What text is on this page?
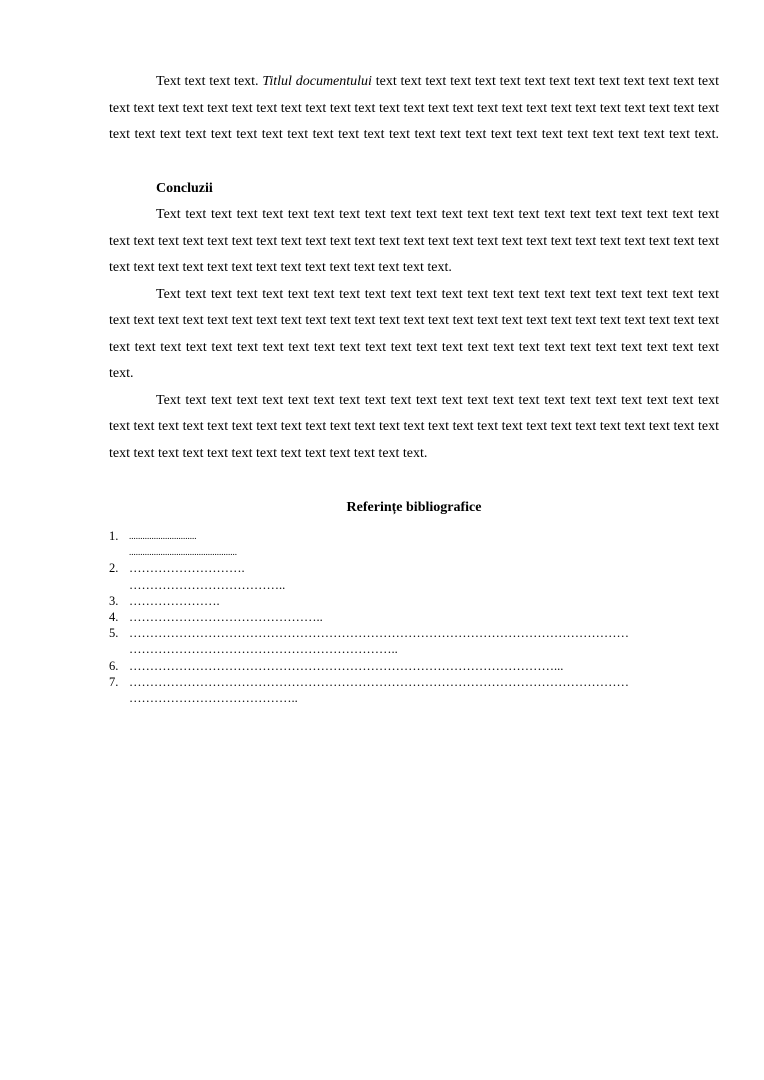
Text text text text. Titlul documentului text text text text text text text text text text text text text text text text text text text text text text text text text text text text text text text text text text text text text text text text text text text text text text text text text text text text text text text text text text text text text text text.

Concluzii

Text text text text text text text text text text text text text text text text text text text text text text text text text text text text text text text text text text text text text text text text text text text text text text text text text text text text text text text text text text text text text.

Text text text text text text text text text text text text text text text text text text text text text text text text text text text text text text text text text text text text text text text text text text text text text text text text text text text text text text text text text text text text text text text text text text text text text text text text.

Text text text text text text text text text text text text text text text text text text text text text text text text text text text text text text text text text text text text text text text text text text text text text text text text text text text text text text text text text text text text.

Referințe bibliografice

1. ..............................
................................................
2. ……………………….
………………………………..
3. ………………….
4. ………………………………………..
5. …………………………………………………………………………………………………………
………………………………………………………..
6. …………………………………………………………………………………………...
7. …………………………………………………………………………………………………………
…………………………………..
